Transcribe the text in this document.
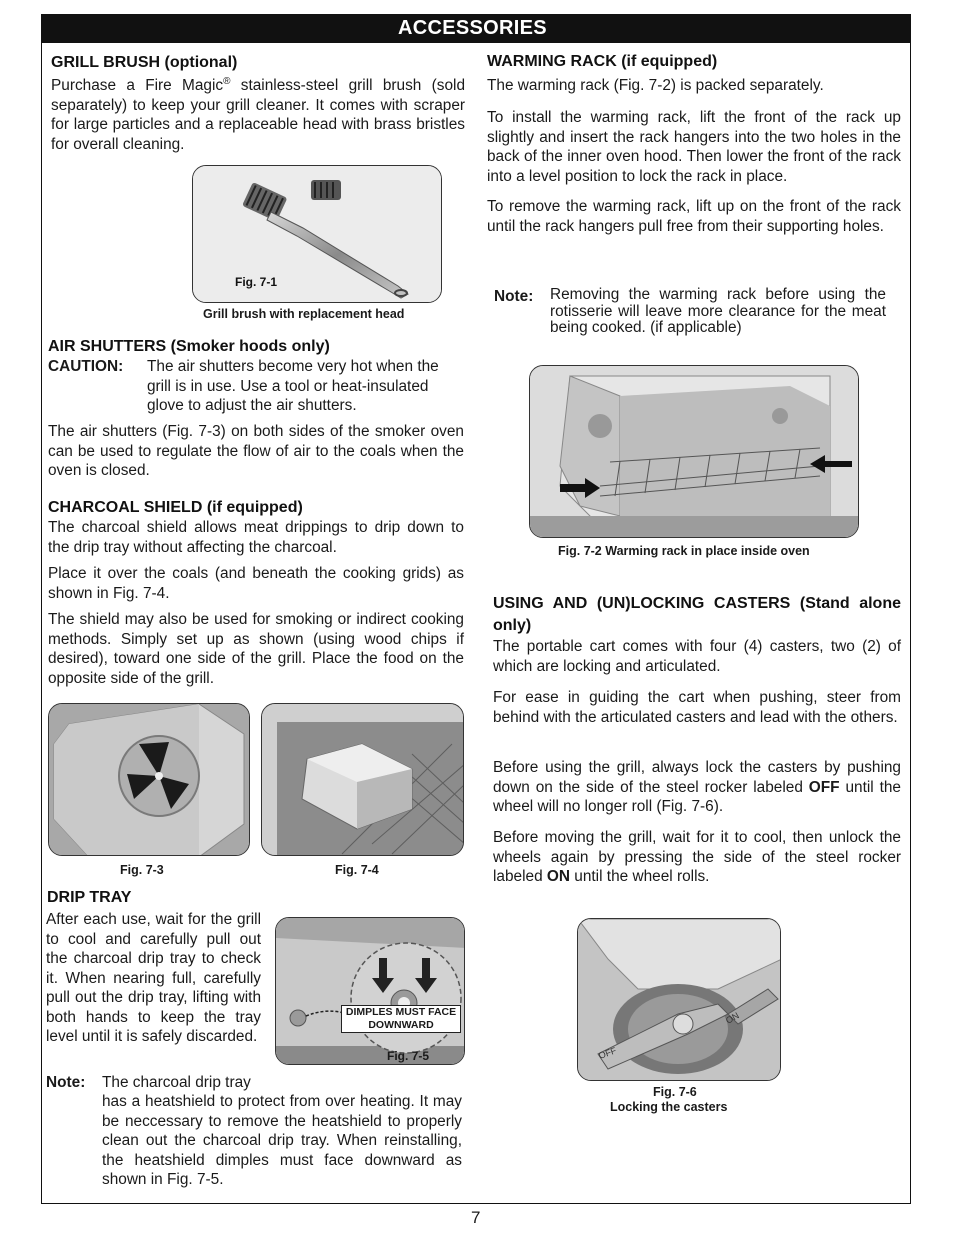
ACCESSORIES
GRILL BRUSH (optional)

Purchase a Fire Magic® stainless-steel grill brush (sold separately) to keep your grill cleaner. It comes with scraper for large particles and a replaceable head with brass bristles for overall cleaning.

Fig. 7-1
Grill brush with replacement head
AIR SHUTTERS (Smoker hoods only)
CAUTION: The air shutters become very hot when the grill is in use. Use a tool or heat-insulated glove to adjust the air shutters.

The air shutters (Fig. 7-3) on both sides of the smoker oven can be used to regulate the flow of air to the coals when the oven is closed.

CHARCOAL SHIELD (if equipped)

The charcoal shield allows meat drippings to drip down to the drip tray without affecting the charcoal.

Place it over the coals (and beneath the cooking grids) as shown in Fig. 7-4.

The shield may also be used for smoking or indirect cooking methods. Simply set up as shown (using wood chips if desired), toward one side of the grill. Place the food on the opposite side of the grill.

Fig. 7-3	Fig. 7-4
DRIP TRAY

After each use, wait for the grill to cool and carefully pull out the charcoal drip tray to check it. When nearing full, carefully pull out the drip tray, lifting with both hands to keep the tray level until it is safely discarded.

DIMPLES MUST FACE DOWNWARD
Fig. 7-5
Note: The charcoal drip tray

has a heatshield to protect from over heating. It may be neccessary to remove the heatshield to properly clean out the charcoal drip tray. When reinstalling, the heatshield dimples must face downward as shown in Fig. 7-5.

WARMING RACK (if equipped)

The warming rack (Fig. 7-2) is packed separately.

To install the warming rack, lift the front of the rack up slightly and insert the rack hangers into the two holes in the back of the inner oven hood. Then lower the front of the rack into a level position to lock the rack in place.

To remove the warming rack, lift up on the front of the rack until the rack hangers pull free from their supporting holes.

Note: Removing the warming rack before using the rotisserie will leave more clearance for the meat being cooked. (if applicable)

Fig. 7-2 Warming rack in place inside oven
USING AND (UN)LOCKING CASTERS (Stand alone only)

The portable cart comes with four (4) casters, two (2) of which are locking and articulated.

For ease in guiding the cart when pushing, steer from behind with the articulated casters and lead with the others.

Before using the grill, always lock the casters by pushing down on the side of the steel rocker labeled OFF until the wheel will no longer roll (Fig. 7-6).

Before moving the grill, wait for it to cool, then unlock the wheels again by pressing the side of the steel rocker labeled ON until the wheel rolls.

OFF
ON
Fig. 7-6
Locking the casters
7
